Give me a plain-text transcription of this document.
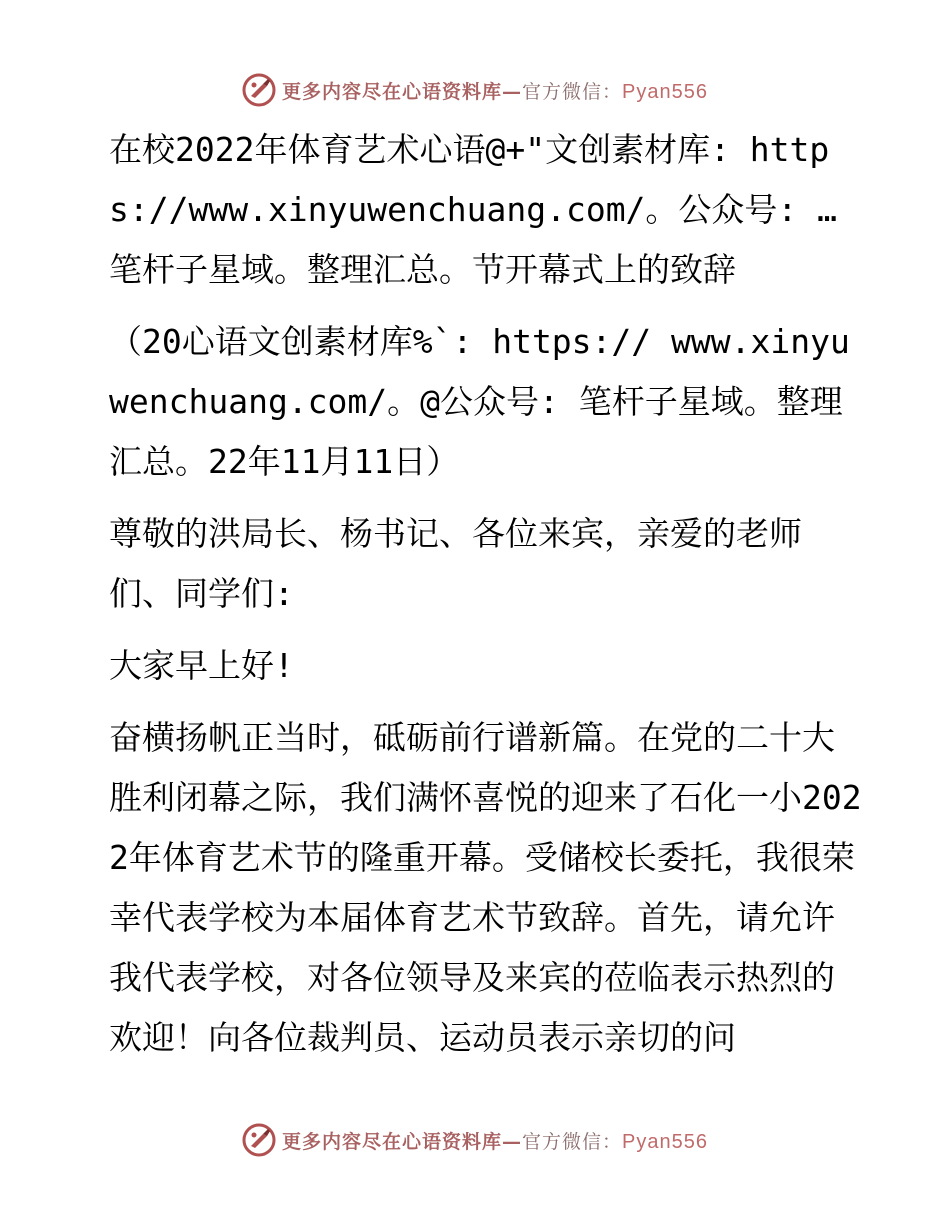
更多内容尽在心语资料库—官方微信：Pyan556

在校2022年体育艺术心语@+"文创素材库: https://www.xinyuwenchuang.com/。公众号: …笔杆子星域。整理汇总。节开幕式上的致辞

（20心语文创素材库%`: https:// www.xinyuwenchuang.com/。@公众号: 笔杆子星域。整理汇总。22年11月11日）

尊敬的洪局长、杨书记、各位来宾，亲爱的老师们、同学们:

大家早上好!

奋横扬帆正当时，砥砺前行谱新篇。在党的二十大胜利闭幕之际，我们满怀喜悦的迎来了石化一小2022年体育艺术节的隆重开幕。受储校长委托，我很荣幸代表学校为本届体育艺术节致辞。首先，请允许我代表学校，对各位领导及来宾的莅临表示热烈的欢迎！向各位裁判员、运动员表示亲切的问

更多内容尽在心语资料库—官方微信：Pyan556
